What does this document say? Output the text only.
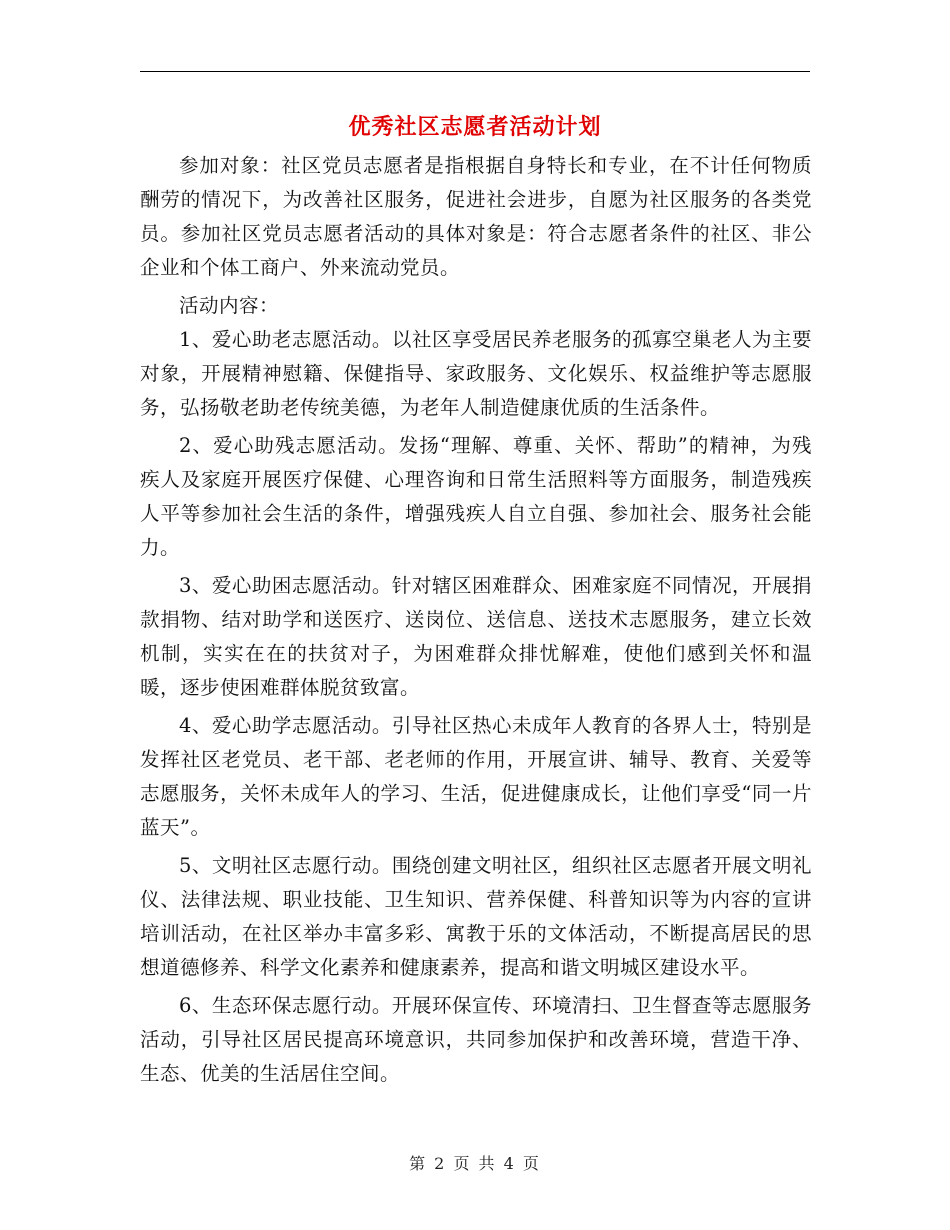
优秀社区志愿者活动计划

参加对象：社区党员志愿者是指根据自身特长和专业，在不计任何物质酬劳的情况下，为改善社区服务，促进社会进步，自愿为社区服务的各类党员。参加社区党员志愿者活动的具体对象是：符合志愿者条件的社区、非公企业和个体工商户、外来流动党员。

活动内容：

1、爱心助老志愿活动。以社区享受居民养老服务的孤寡空巢老人为主要对象，开展精神慰籍、保健指导、家政服务、文化娱乐、权益维护等志愿服务，弘扬敬老助老传统美德，为老年人制造健康优质的生活条件。

2、爱心助残志愿活动。发扬“理解、尊重、关怀、帮助”的精神，为残疾人及家庭开展医疗保健、心理咨询和日常生活照料等方面服务，制造残疾人平等参加社会生活的条件，增强残疾人自立自强、参加社会、服务社会能力。

3、爱心助困志愿活动。针对辖区困难群众、困难家庭不同情况，开展捐款捐物、结对助学和送医疗、送岗位、送信息、送技术志愿服务，建立长效机制，实实在在的扶贫对子，为困难群众排忧解难，使他们感到关怀和温暖，逐步使困难群体脱贫致富。

4、爱心助学志愿活动。引导社区热心未成年人教育的各界人士，特别是发挥社区老党员、老干部、老老师的作用，开展宣讲、辅导、教育、关爱等志愿服务，关怀未成年人的学习、生活，促进健康成长，让他们享受“同一片蓝天”。

5、文明社区志愿行动。围绕创建文明社区，组织社区志愿者开展文明礼仪、法律法规、职业技能、卫生知识、营养保健、科普知识等为内容的宣讲培训活动，在社区举办丰富多彩、寓教于乐的文体活动，不断提高居民的思想道德修养、科学文化素养和健康素养，提高和谐文明城区建设水平。

6、生态环保志愿行动。开展环保宣传、环境清扫、卫生督查等志愿服务活动，引导社区居民提高环境意识，共同参加保护和改善环境，营造干净、生态、优美的生活居住空间。

第 2 页 共 4 页
